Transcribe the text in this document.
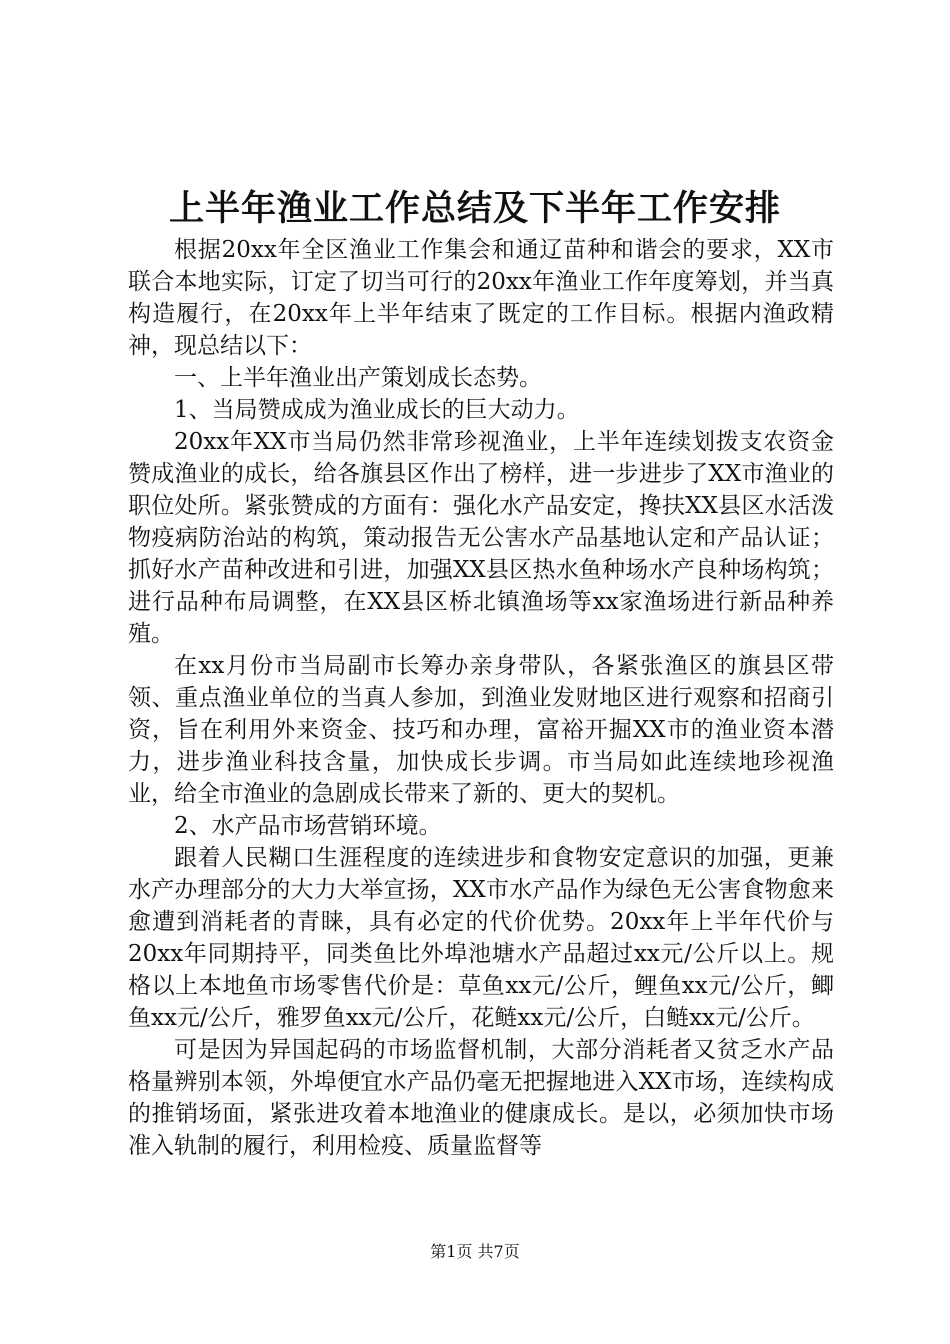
上半年渔业工作总结及下半年工作安排

根据20xx年全区渔业工作集会和通辽苗种和谐会的要求，XX市联合本地实际，订定了切当可行的20xx年渔业工作年度筹划，并当真构造履行，在20xx年上半年结束了既定的工作目标。根据内渔政精神，现总结以下：

一、上半年渔业出产策划成长态势。

1、当局赞成成为渔业成长的巨大动力。

20xx年XX市当局仍然非常珍视渔业，上半年连续划拨支农资金赞成渔业的成长，给各旗县区作出了榜样，进一步进步了XX市渔业的职位处所。紧张赞成的方面有：强化水产品安定，搀扶XX县区水活泼物疫病防治站的构筑，策动报告无公害水产品基地认定和产品认证；抓好水产苗种改进和引进，加强XX县区热水鱼种场水产良种场构筑；进行品种布局调整，在XX县区桥北镇渔场等xx家渔场进行新品种养殖。

在xx月份市当局副市长筹办亲身带队，各紧张渔区的旗县区带领、重点渔业单位的当真人参加，到渔业发财地区进行观察和招商引资，旨在利用外来资金、技巧和办理，富裕开掘XX市的渔业资本潜力，进步渔业科技含量，加快成长步调。市当局如此连续地珍视渔业，给全市渔业的急剧成长带来了新的、更大的契机。

2、水产品市场营销环境。

跟着人民糊口生涯程度的连续进步和食物安定意识的加强，更兼水产办理部分的大力大举宣扬，XX市水产品作为绿色无公害食物愈来愈遭到消耗者的青睐，具有必定的代价优势。20xx年上半年代价与20xx年同期持平，同类鱼比外埠池塘水产品超过xx元/公斤以上。规格以上本地鱼市场零售代价是：草鱼xx元/公斤，鲤鱼xx元/公斤，鲫鱼xx元/公斤，雅罗鱼xx元/公斤，花鲢xx元/公斤，白鲢xx元/公斤。

可是因为异国起码的市场监督机制，大部分消耗者又贫乏水产品格量辨别本领，外埠便宜水产品仍毫无把握地进入XX市场，连续构成的推销场面，紧张进攻着本地渔业的健康成长。是以，必须加快市场准入轨制的履行，利用检疫、质量监督等

第1页 共7页
